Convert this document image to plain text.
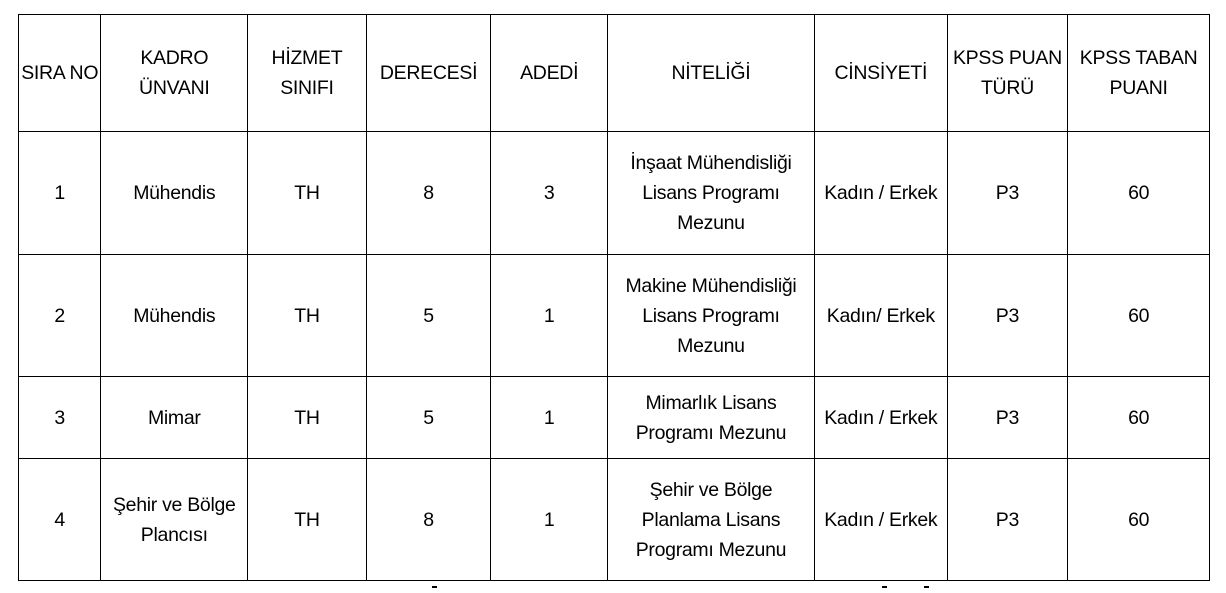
SIRA NO	KADRO ÜNVANI	HİZMET SINIFI	DERECESİ	ADEDİ	NİTELİĞİ	CİNSİYETİ	KPSS PUAN TÜRÜ	KPSS TABAN PUANI
1	Mühendis	TH	8	3	İnşaat Mühendisliği Lisans Programı Mezunu	Kadın / Erkek	P3	60
2	Mühendis	TH	5	1	Makine Mühendisliği Lisans Programı Mezunu	Kadın/ Erkek	P3	60
3	Mimar	TH	5	1	Mimarlık Lisans Programı Mezunu	Kadın / Erkek	P3	60
4	Şehir ve Bölge Plancısı	TH	8	1	Şehir ve Bölge Planlama Lisans Programı Mezunu	Kadın / Erkek	P3	60
